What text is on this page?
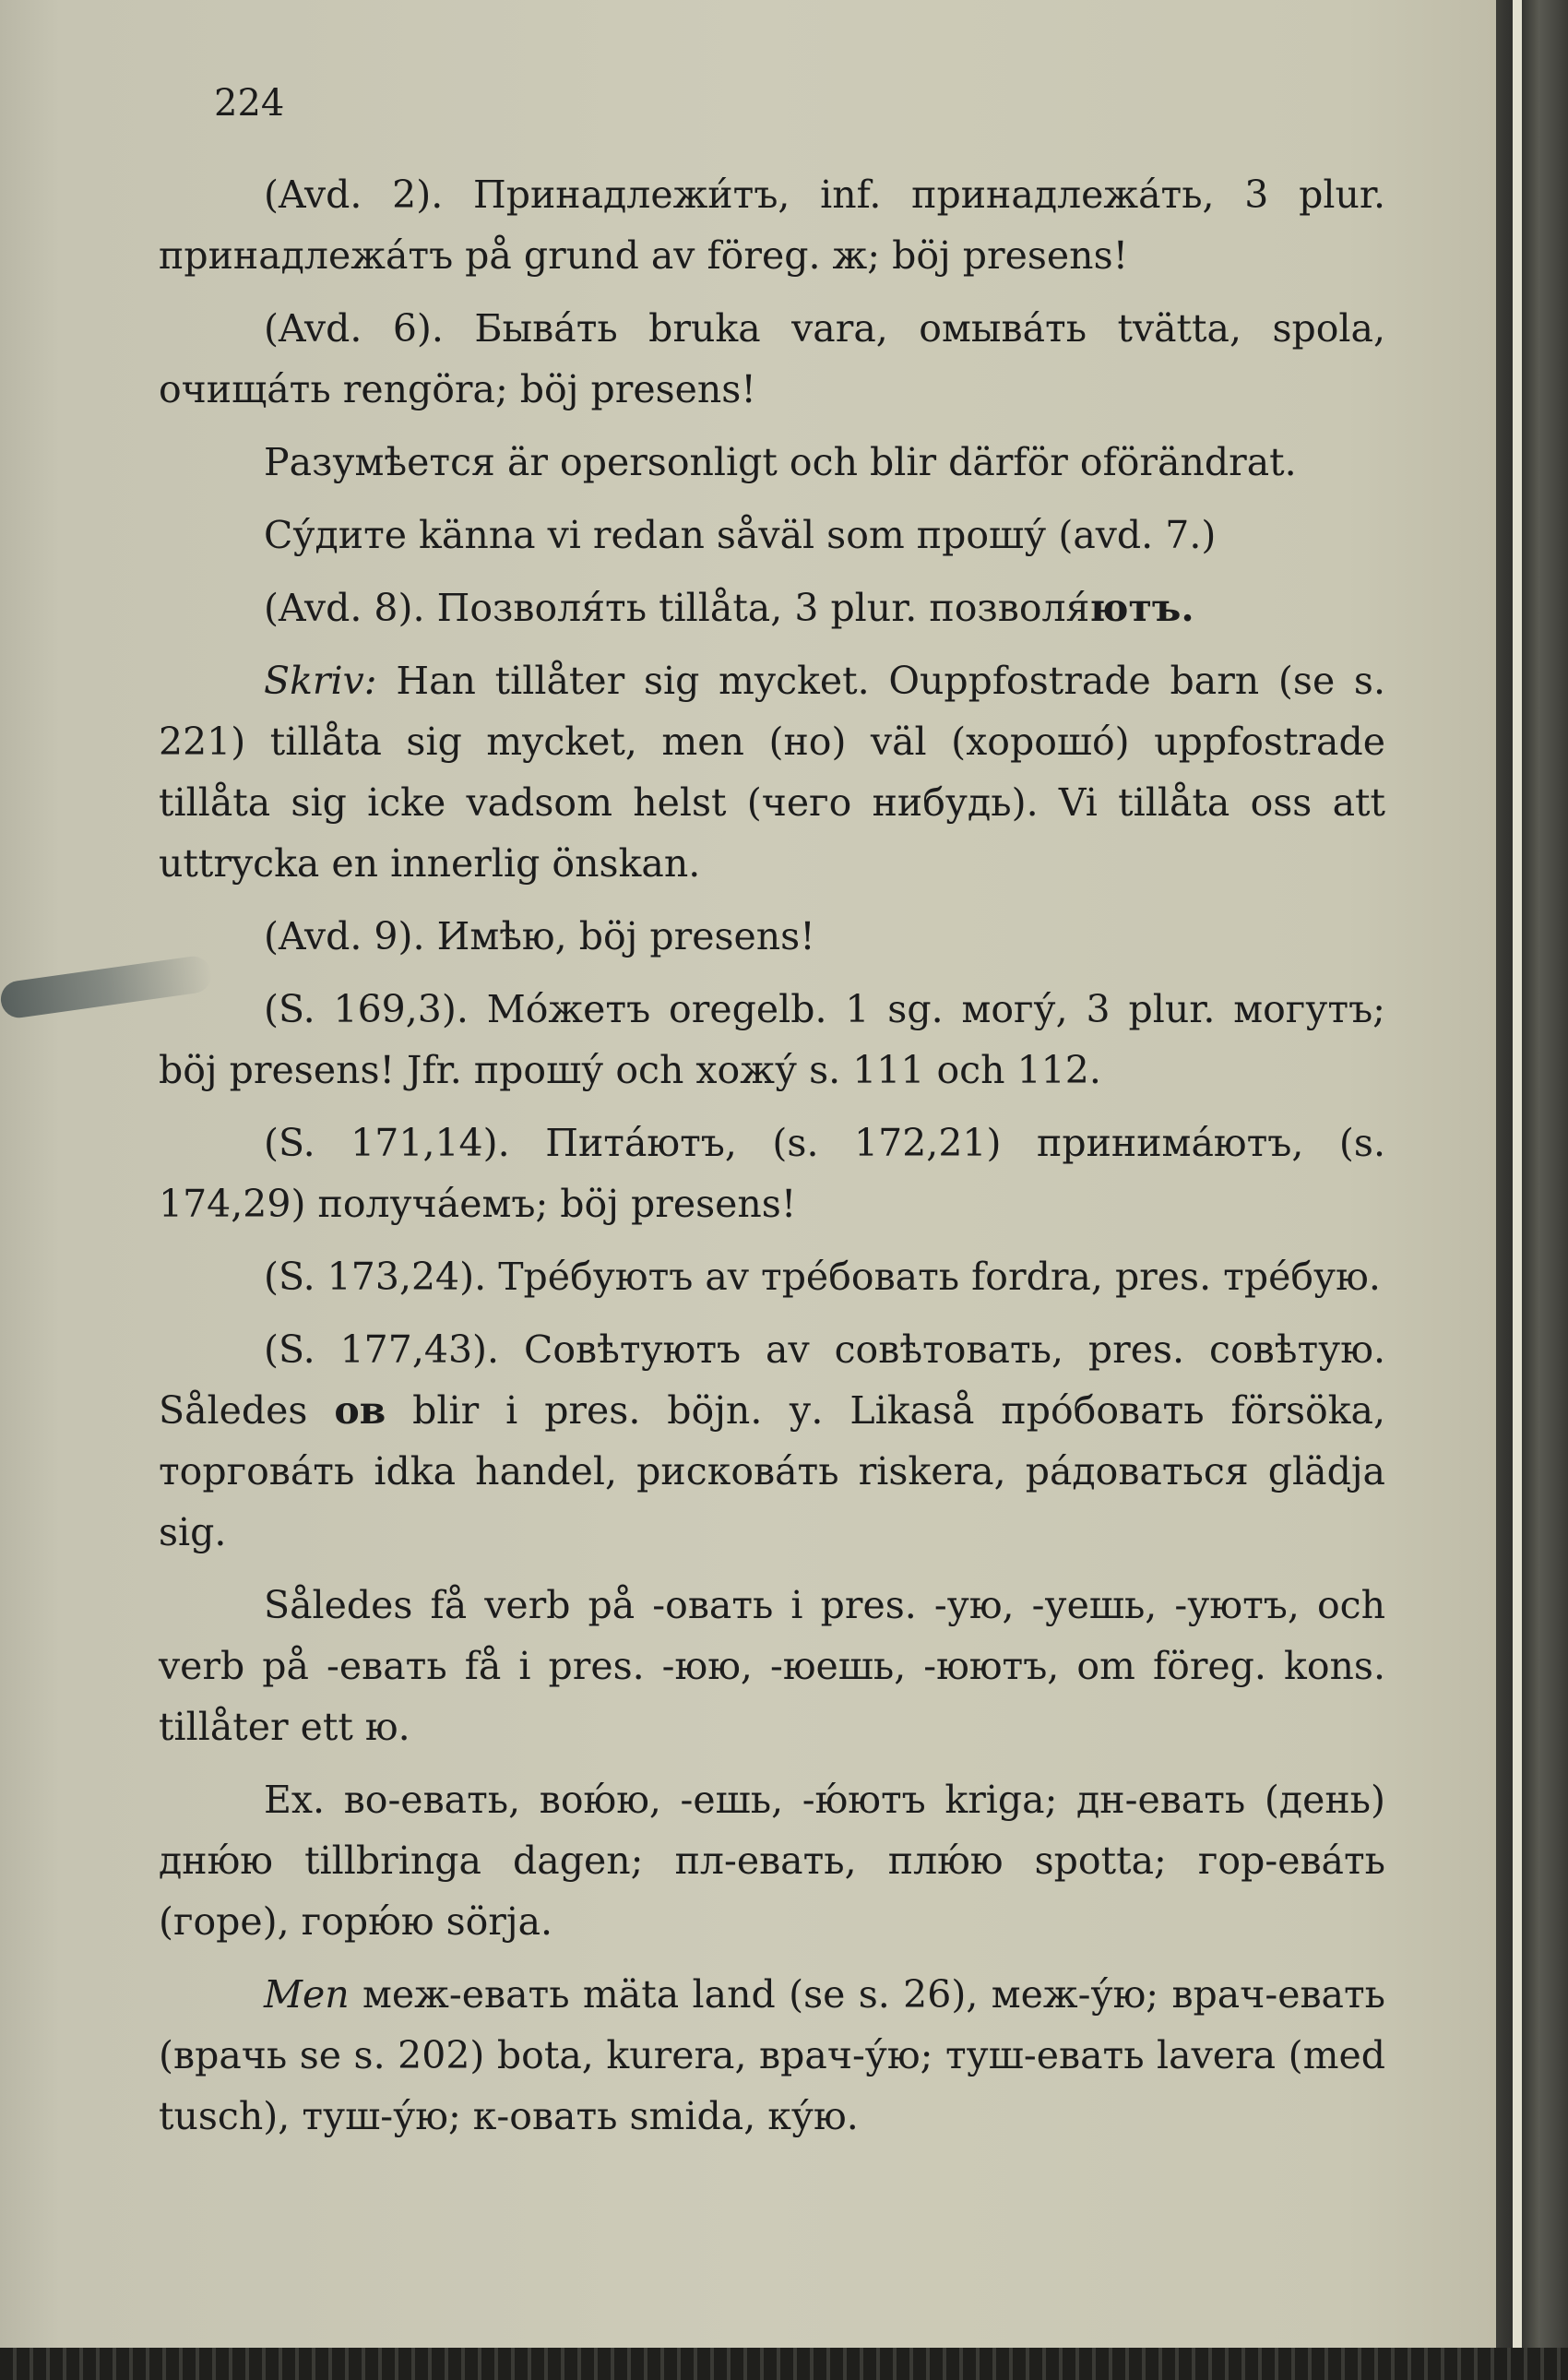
224

(Avd. 2). Принадлежи́тъ, inf. принадлежа́ть, 3 plur. принадлежа́тъ på grund av föreg. ж; böj presens!

(Avd. 6). Быва́ть bruka vara, омыва́ть tvätta, spola, очища́ть rengöra; böj presens!

Разумѣется är opersonligt och blir därför oförändrat.

Су́дите känna vi redan såväl som прошу́ (avd. 7.)

(Avd. 8). Позволя́ть tillåta, 3 plur. позволя́ютъ.

Skriv: Han tillåter sig mycket. Ouppfostrade barn (se s. 221) tillåta sig mycket, men (но) väl (хорошо́) uppfostrade tillåta sig icke vadsom helst (чего нибудь). Vi tillåta oss att uttrycka en innerlig önskan.

(Avd. 9). Имѣю, böj presens!

(S. 169,3). Мо́жетъ oregelb. 1 sg. могу́, 3 plur. могутъ; böj presens! Jfr. прошу́ och хожу́ s. 111 och 112.

(S. 171,14). Пита́ютъ, (s. 172,21) принима́ютъ, (s. 174,29) получа́емъ; böj presens!

(S. 173,24). Тре́буютъ av тре́бовать fordra, pres. тре́бую.

(S. 177,43). Совѣтуютъ av совѣтовать, pres. совѣтую. Således ов blir i pres. böjn. у. Likaså про́бовать försöka, торгова́ть idka handel, рискова́ть riskera, ра́доваться glädja sig.

Således få verb på -овать i pres. -ую, -уешь, -уютъ, och verb på -евать få i pres. -юю, -юешь, -юютъ, om föreg. kons. tillåter ett ю.

Ex. во-евать, вою́ю, -ешь, -ю́ютъ kriga; дн-евать (день) дню́ю tillbringa dagen; пл-евать, плю́ю spotta; гор-ева́ть (горе), горю́ю sörja.

Men меж-евать mäta land (se s. 26), меж-у́ю; врач-евать (врачь se s. 202) bota, kurera, врач-у́ю; туш-евать lavera (med tusch), туш-у́ю; к-овать smida, ку́ю.
